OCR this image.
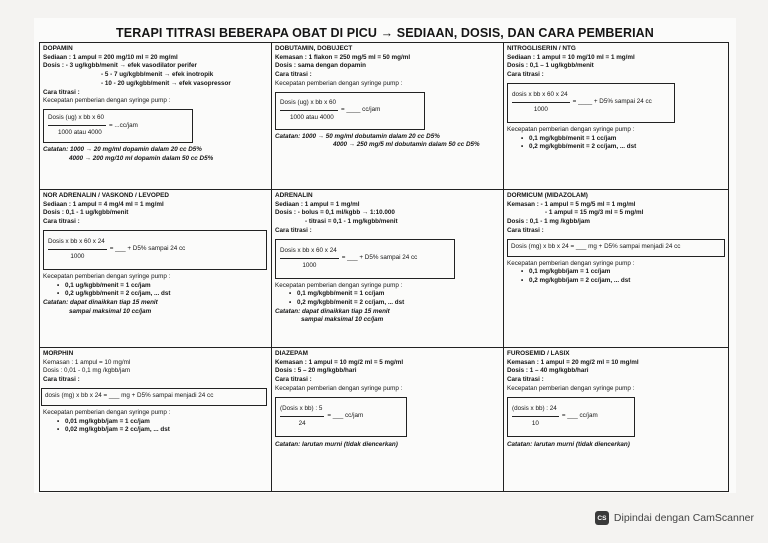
TERAPI TITRASI BEBERAPA OBAT DI PICU → SEDIAAN, DOSIS, DAN CARA PEMBERIAN
DOPAMIN
Sediaan : 1 ampul = 200 mg/10 ml = 20 mg/ml
Dosis : - 3 ug/kgbb/menit → efek vasodilator perifer
- 5 - 7 ug/kgbb/menit → efek inotropik
- 10 - 20 ug/kgbb/menit → efek vasopressor
Cara titrasi :
Kecepatan pemberian dengan syringe pump :
$\frac{\text{Dosis (ug) x bb x 60}}{\text{1000 atau 4000}} = ...cc/jam$
Catatan: 1000 → 20 mg/ml dopamin dalam 20 cc D5%
4000 → 200 mg/10 ml dopamin dalam 50 cc D5%
DOBUTAMIN, DOBUJECT
Kemasan : 1 flakon = 250 mg/5 ml = 50 mg/ml
Dosis : sama dengan dopamin
Cara titrasi :
Kecepatan pemberian dengan syringe pump :
$\frac{\text{Dosis (ug) x bb x 60}}{\text{1000 atau 4000}}$ = ____ cc/jam
Catatan: 1000 → 50 mg/ml dobutamin dalam 20 cc D5%
4000 → 250 mg/5 ml dobutamin dalam 50 cc D5%
NITROGLISERIN / NTG
Sediaan : 1 ampul = 10 mg/10 ml = 1 mg/ml
Dosis : 0,1 – 1 ug/kgbb/menit
Cara titrasi :
$\frac{\text{dosis x bb x 60 x 24}}{1000}$ = ____ + D5% sampai 24 cc
Kecepatan pemberian dengan syringe pump :
• 0,1 mg/kgbb/menit = 1 cc/jam
• 0,2 mg/kgbb/menit = 2 cc/jam, ... dst
NOR ADRENALIN / VASKOND / LEVOPED
Sediaan : 1 ampul = 4 mg/4 ml = 1 mg/ml
Dosis : 0,1 - 1 ug/kgbb/menit
Cara titrasi :
$\frac{\text{Dosis x bb x 60 x 24}}{1000}$ = ___ + D5% sampai 24 cc
Kecepatan pemberian dengan syringe pump :
• 0,1 ug/kgbb/menit = 1 cc/jam
• 0,2 ug/kgbb/menit = 2 cc/jam, ... dst
Catatan: dapat dinaikkan tiap 15 menit
sampai maksimal 10 cc/jam
ADRENALIN
Sediaan : 1 ampul = 1 mg/ml
Dosis : - bolus = 0,1 ml/kgbb → 1:10.000
- titrasi = 0,1 - 1 mg/kgbb/menit
Cara titrasi :
$\frac{\text{Dosis x bb x 60 x 24}}{1000}$ = ___ + D5% sampai 24 cc
Kecepatan pemberian dengan syringe pump :
• 0,1 mg/kgbb/menit = 1 cc/jam
• 0,2 mg/kgbb/menit = 2 cc/jam, ... dst
Catatan: dapat dinaikkan tiap 15 menit
sampai maksimal 10 cc/jam
DORMICUM (MIDAZOLAM)
Kemasan : - 1 ampul = 5 mg/5 ml = 1 mg/ml
- 1 ampul = 15 mg/3 ml = 5 mg/ml
Dosis : 0,1 - 1 mg /kgbb/jam
Cara titrasi :
Dosis (mg) x bb x 24 = ___ mg + D5% sampai menjadi 24 cc
Kecepatan pemberian dengan syringe pump :
• 0,1 mg/kgbb/jam = 1 cc/jam
• 0,2 mg/kgbb/jam = 2 cc/jam, ... dst
MORPHIN
Kemasan : 1 ampul = 10 mg/ml
Dosis : 0,01 - 0,1 mg /kgbb/jam
Cara titrasi :
dosis (mg) x bb x 24 = ___ mg + D5% sampai menjadi 24 cc
Kecepatan pemberian dengan syringe pump :
• 0,01 mg/kgbb/jam = 1 cc/jam
• 0,02 mg/kgbb/jam = 2 cc/jam, ... dst
DIAZEPAM
Kemasan : 1 ampul = 10 mg/2 ml = 5 mg/ml
Dosis : 5 – 20 mg/kgbb/hari
Cara titrasi :
Kecepatan pemberian dengan syringe pump :
$\frac{\text{(Dosis x bb) : 5}}{24}$ = ___ cc/jam
Catatan: larutan murni (tidak diencerkan)
FUROSEMID / LASIX
Kemasan : 1 ampul = 20 mg/2 ml = 10 mg/ml
Dosis : 1 – 40 mg/kgbb/hari
Cara titrasi :
Kecepatan pemberian dengan syringe pump :
$\frac{\text{(dosis x bb) : 24}}{10}$ = ___ cc/jam
Catatan: larutan murni (tidak diencerkan)
CS Dipindai dengan CamScanner
